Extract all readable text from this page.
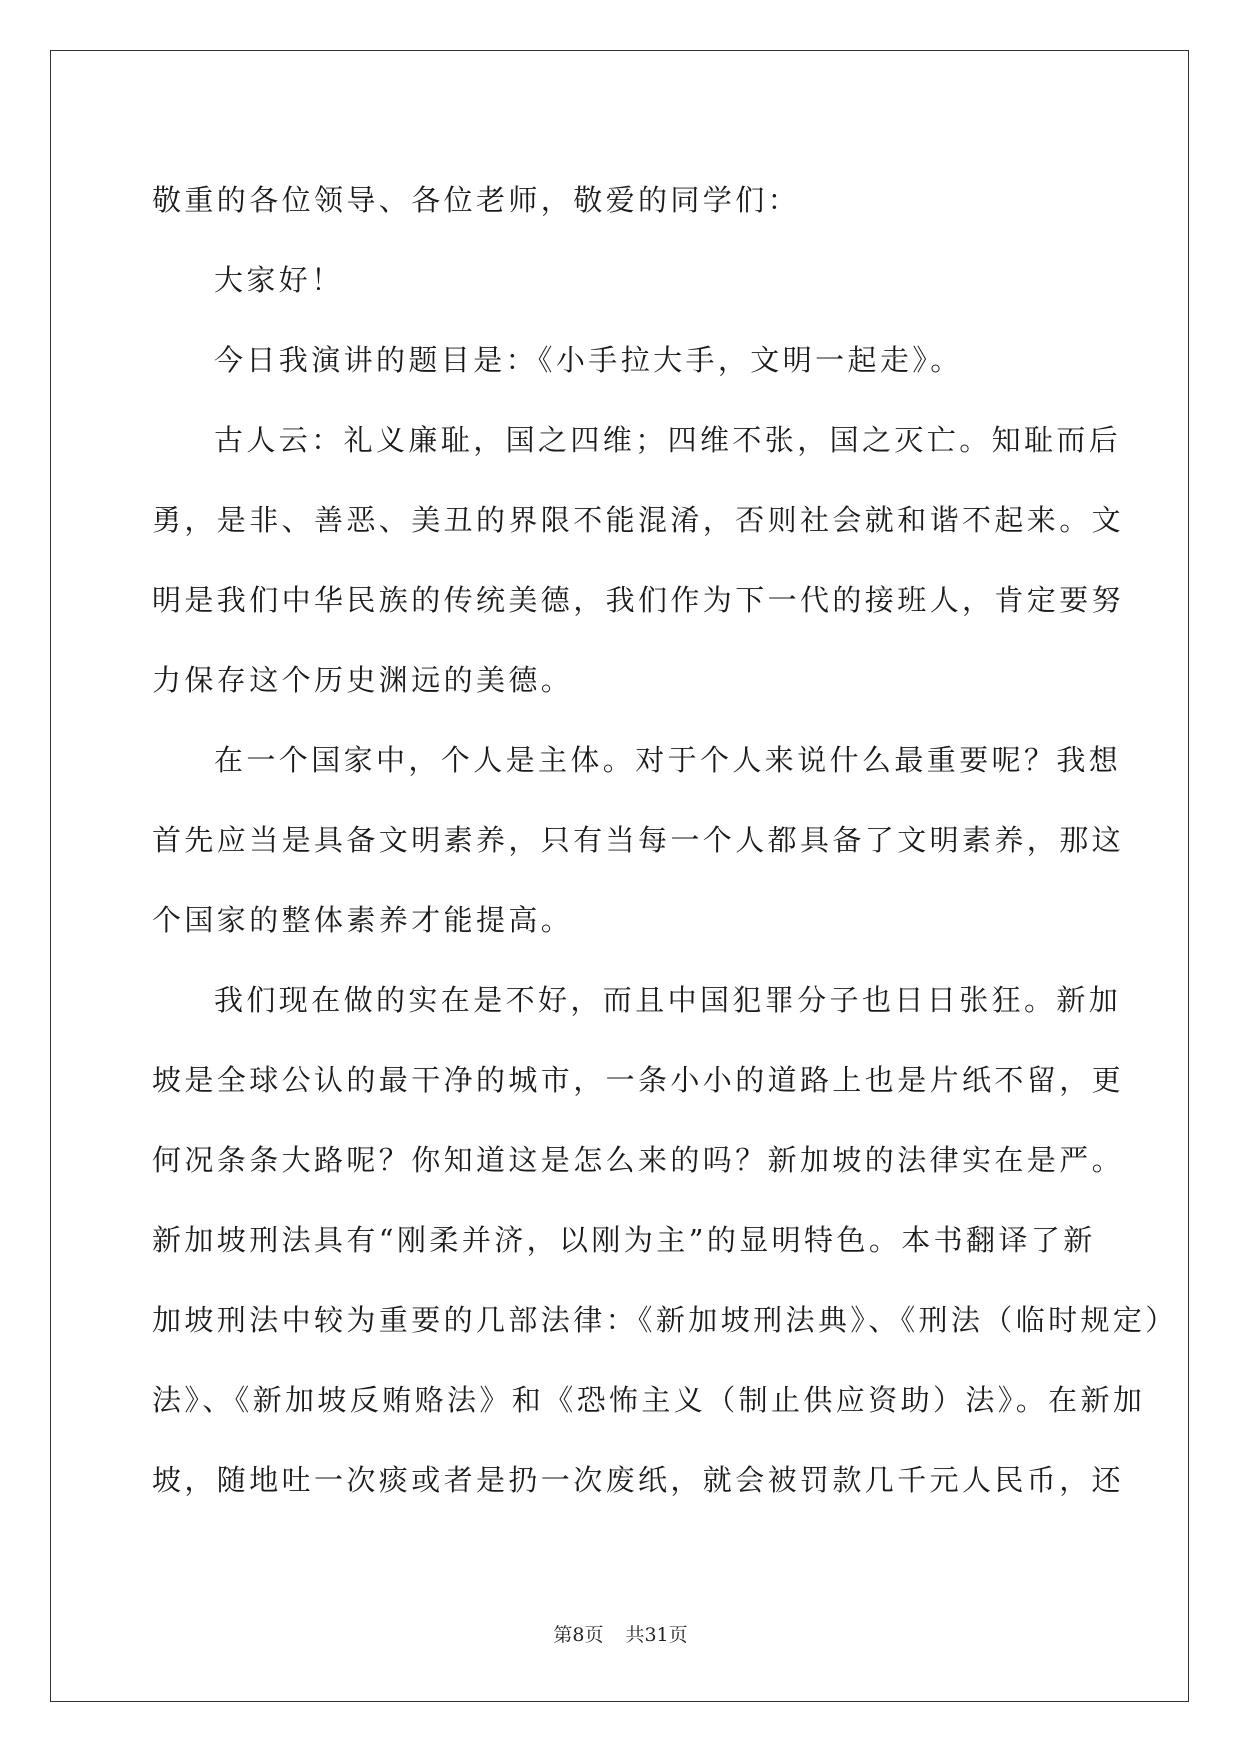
敬重的各位领导、各位老师，敬爱的同学们：
大家好！
今日我演讲的题目是：《小手拉大手，文明一起走》。
古人云：礼义廉耻，国之四维；四维不张，国之灭亡。知耻而后
勇，是非、善恶、美丑的界限不能混淆，否则社会就和谐不起来。文
明是我们中华民族的传统美德，我们作为下一代的接班人，肯定要努
力保存这个历史渊远的美德。
在一个国家中，个人是主体。对于个人来说什么最重要呢？我想
首先应当是具备文明素养，只有当每一个人都具备了文明素养，那这
个国家的整体素养才能提高。
我们现在做的实在是不好，而且中国犯罪分子也日日张狂。新加
坡是全球公认的最干净的城市，一条小小的道路上也是片纸不留，更
何况条条大路呢？你知道这是怎么来的吗？新加坡的法律实在是严。
新加坡刑法具有“刚柔并济，以刚为主”的显明特色。本书翻译了新
加坡刑法中较为重要的几部法律：《新加坡刑法典》、《刑法（临时规定）
法》、《新加坡反贿赂法》和《恐怖主义（制止供应资助）法》。在新加
坡，随地吐一次痰或者是扔一次废纸，就会被罚款几千元人民币，还
第8页 共31页
